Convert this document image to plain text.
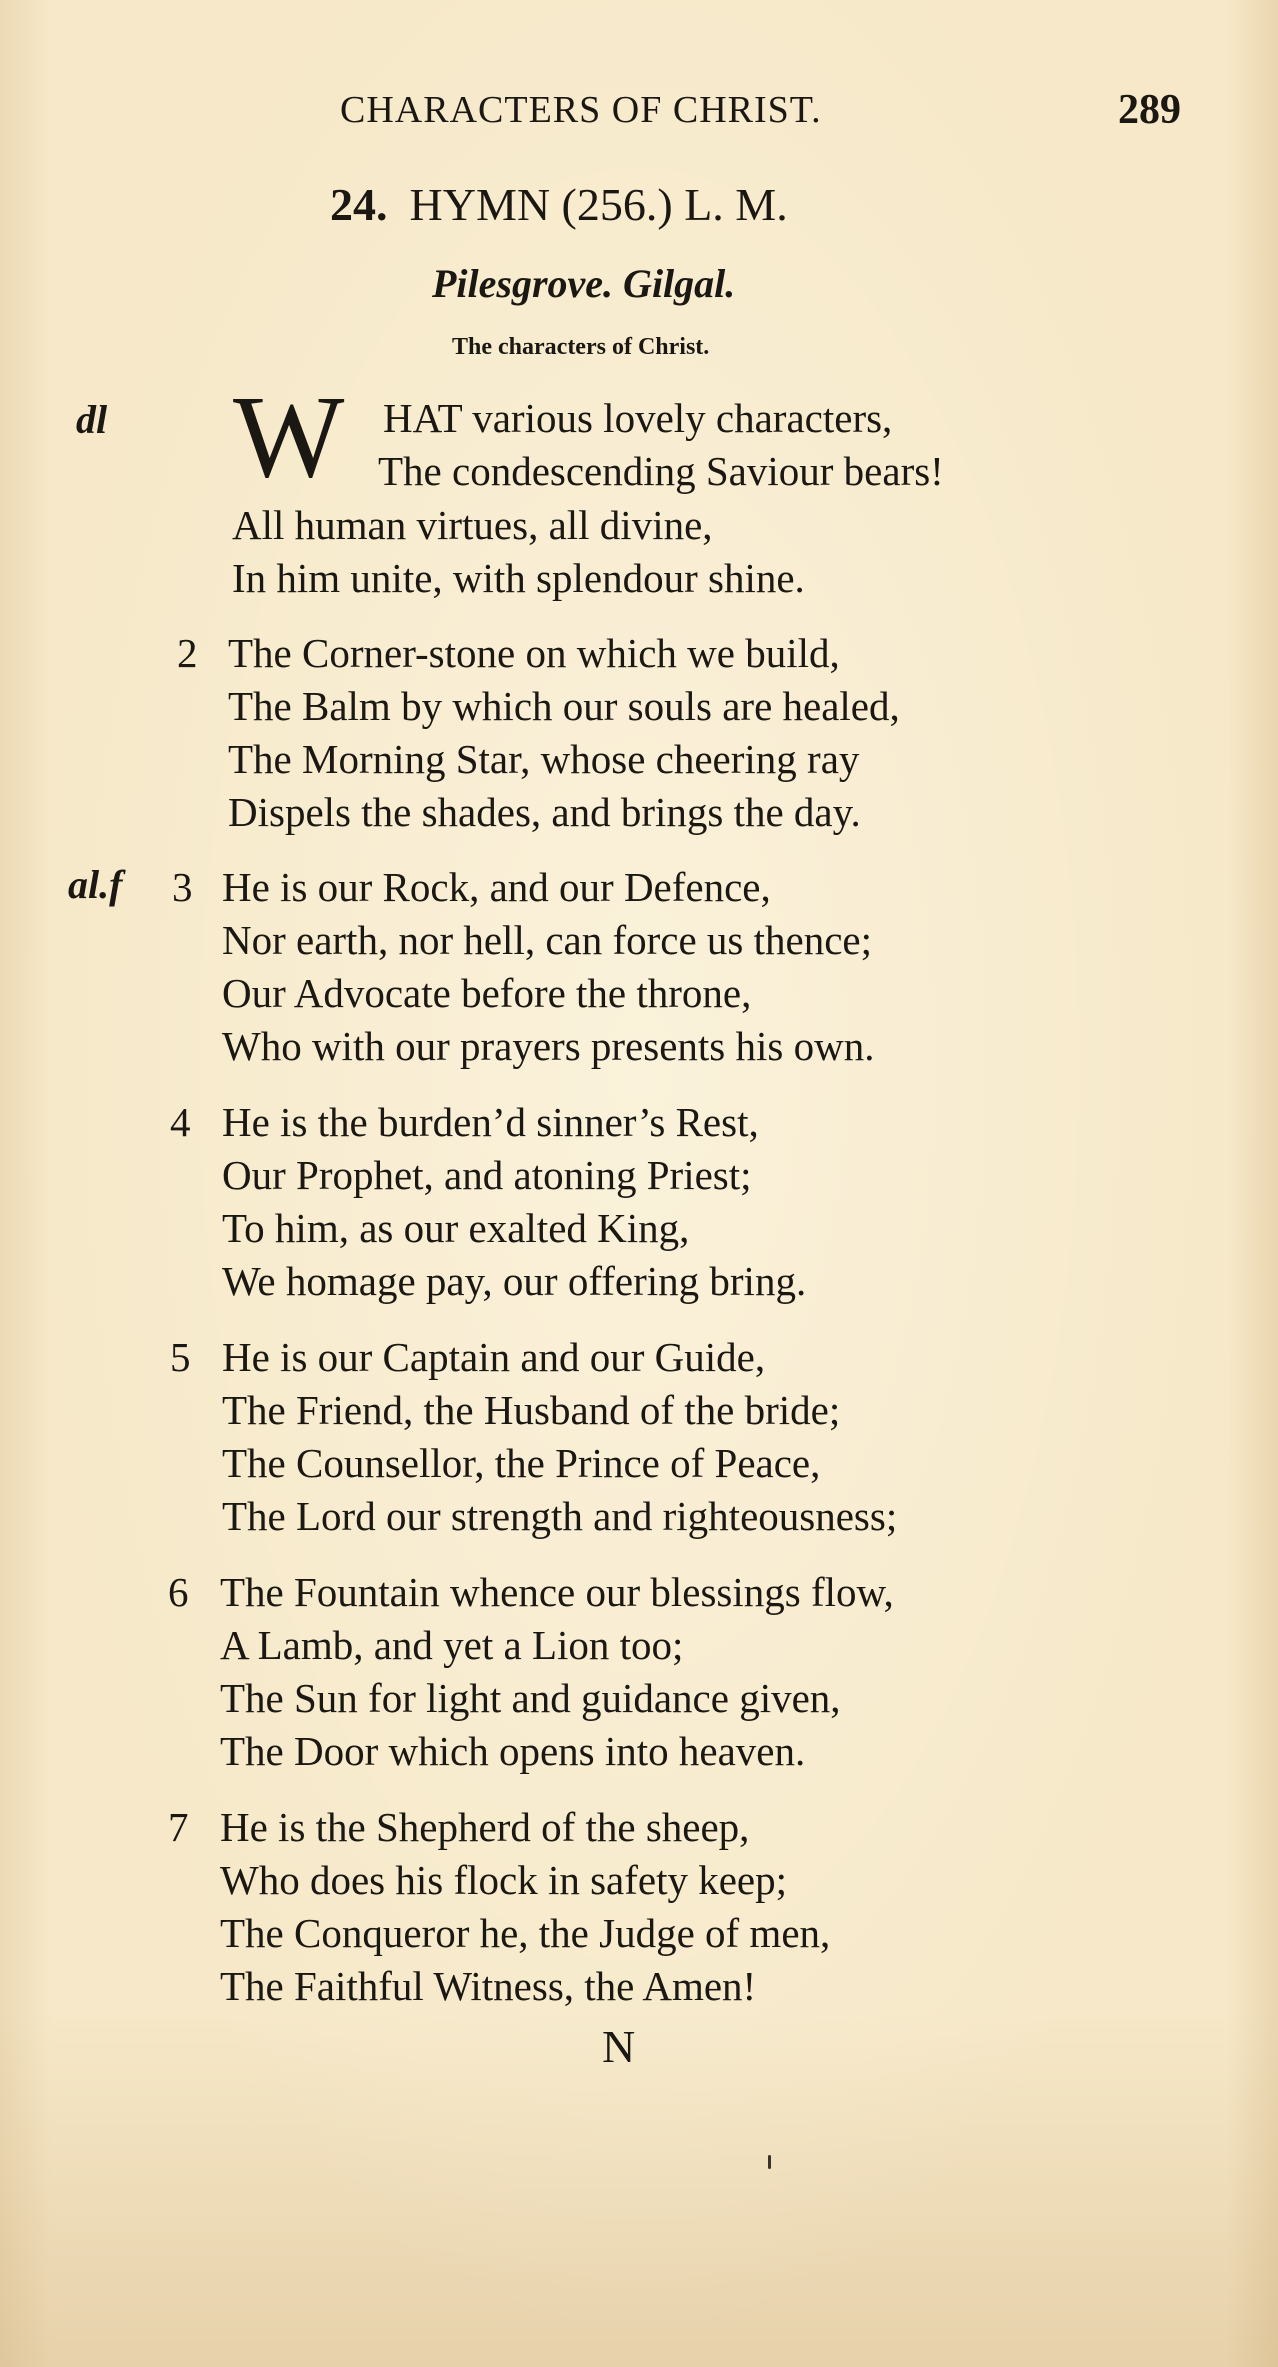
CHARACTERS OF CHRIST.	289
24. HYMN (256.) L. M.
Pilesgrove. Gilgal.
The characters of Christ.
dl W HAT various lovely characters,
The condescending Saviour bears!
All human virtues, all divine,
In him unite, with splendour shine.
2 The Corner-stone on which we build,
The Balm by which our souls are healed,
The Morning Star, whose cheering ray
Dispels the shades, and brings the day.
al.f 3 He is our Rock, and our Defence,
Nor earth, nor hell, can force us thence;
Our Advocate before the throne,
Who with our prayers presents his own.
4 He is the burden’d sinner’s Rest,
Our Prophet, and atoning Priest;
To him, as our exalted King,
We homage pay, our offering bring.
5 He is our Captain and our Guide,
The Friend, the Husband of the bride;
The Counsellor, the Prince of Peace,
The Lord our strength and righteousness;
6 The Fountain whence our blessings flow,
A Lamb, and yet a Lion too;
The Sun for light and guidance given,
The Door which opens into heaven.
7 He is the Shepherd of the sheep,
Who does his flock in safety keep;
The Conqueror he, the Judge of men,
The Faithful Witness, the Amen!
N
